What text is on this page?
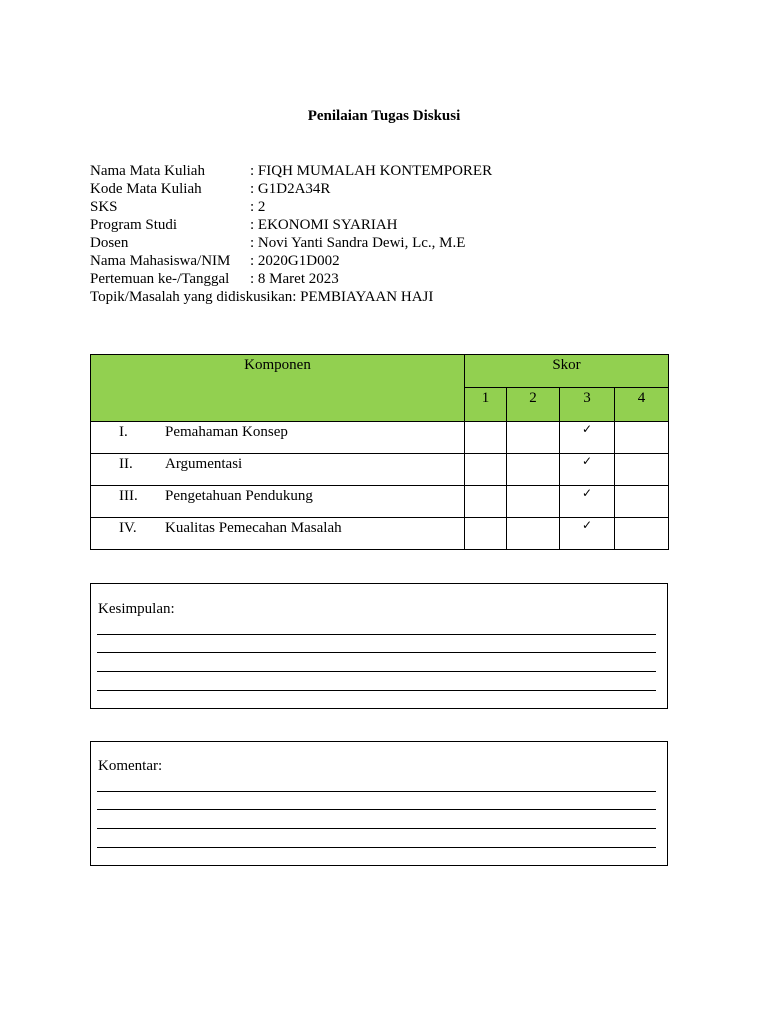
Penilaian Tugas Diskusi
Nama Mata Kuliah	: FIQH MUMALAH KONTEMPORER
Kode Mata Kuliah	: G1D2A34R
SKS	: 2
Program Studi	: EKONOMI SYARIAH
Dosen	: Novi Yanti Sandra Dewi, Lc., M.E
Nama Mahasiswa/NIM	: 2020G1D002
Pertemuan ke-/Tanggal	: 8 Maret 2023
Topik/Masalah yang didiskusikan: PEMBIAYAAN HAJI
Komponen	Skor			

	1	2	3	4

I. Pemahaman Konsep			✓	
II. Argumentasi			✓	
III. Pengetahuan Pendukung			✓	
IV. Kualitas Pemecahan Masalah			✓	
Kesimpulan:
Komentar:
